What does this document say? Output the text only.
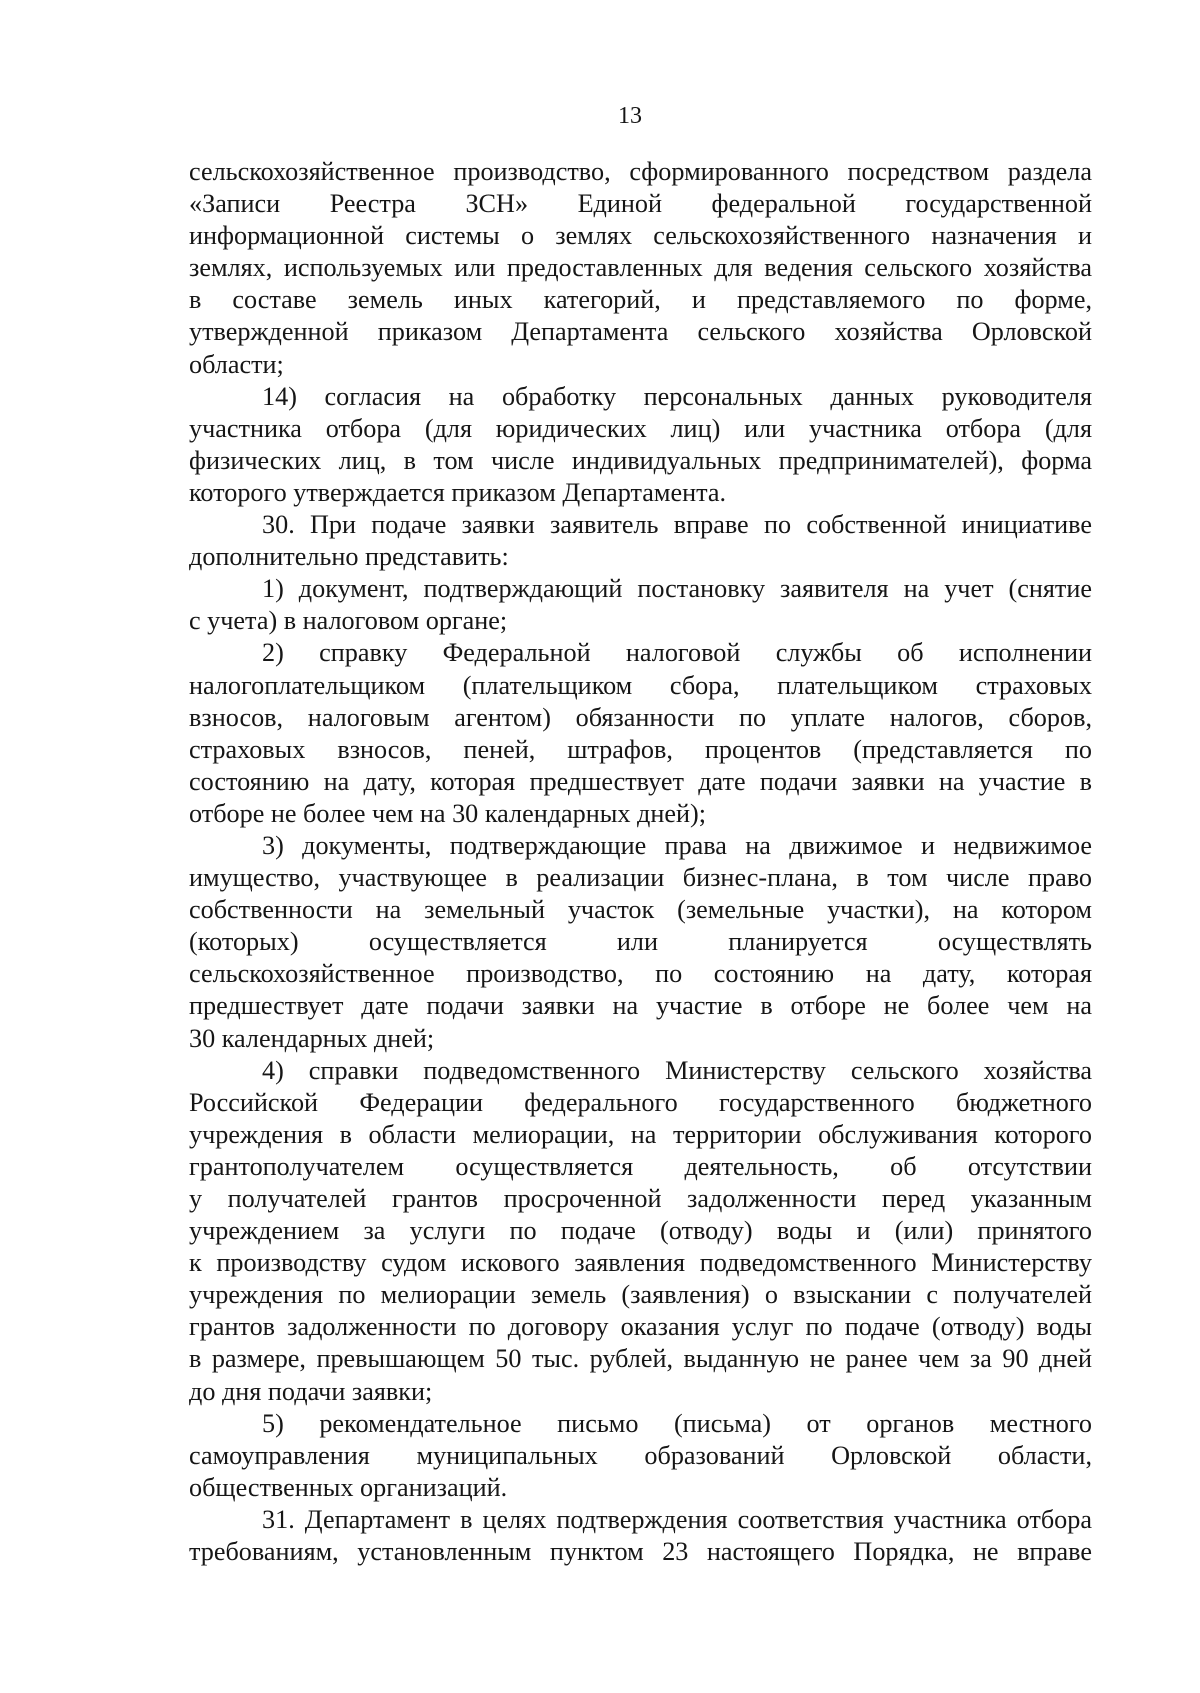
13
сельскохозяйственное производство, сформированного посредством раздела
«Записи Реестра ЗСН» Единой федеральной государственной
информационной системы о землях сельскохозяйственного назначения и
землях, используемых или предоставленных для ведения сельского хозяйства
в составе земель иных категорий, и представляемого по форме,
утвержденной приказом Департамента сельского хозяйства Орловской
области;
14) согласия на обработку персональных данных руководителя
участника отбора (для юридических лиц) или участника отбора (для
физических лиц, в том числе индивидуальных предпринимателей), форма
которого утверждается приказом Департамента.
30. При подаче заявки заявитель вправе по собственной инициативе
дополнительно представить:
1) документ, подтверждающий постановку заявителя на учет (снятие
с учета) в налоговом органе;
2) справку Федеральной налоговой службы об исполнении
налогоплательщиком (плательщиком сбора, плательщиком страховых
взносов, налоговым агентом) обязанности по уплате налогов, сборов,
страховых взносов, пеней, штрафов, процентов (представляется по
состоянию на дату, которая предшествует дате подачи заявки на участие в
отборе не более чем на 30 календарных дней);
3) документы, подтверждающие права на движимое и недвижимое
имущество, участвующее в реализации бизнес-плана, в том числе право
собственности на земельный участок (земельные участки), на котором
(которых) осуществляется или планируется осуществлять
сельскохозяйственное производство, по состоянию на дату, которая
предшествует дате подачи заявки на участие в отборе не более чем на
30 календарных дней;
4) справки подведомственного Министерству сельского хозяйства
Российской Федерации федерального государственного бюджетного
учреждения в области мелиорации, на территории обслуживания которого
грантополучателем осуществляется деятельность, об отсутствии
у получателей грантов просроченной задолженности перед указанным
учреждением за услуги по подаче (отводу) воды и (или) принятого
к производству судом искового заявления подведомственного Министерству
учреждения по мелиорации земель (заявления) о взыскании с получателей
грантов задолженности по договору оказания услуг по подаче (отводу) воды
в размере, превышающем 50 тыс. рублей, выданную не ранее чем за 90 дней
до дня подачи заявки;
5) рекомендательное письмо (письма) от органов местного
самоуправления муниципальных образований Орловской области,
общественных организаций.
31. Департамент в целях подтверждения соответствия участника отбора
требованиям, установленным пунктом 23 настоящего Порядка, не вправе
